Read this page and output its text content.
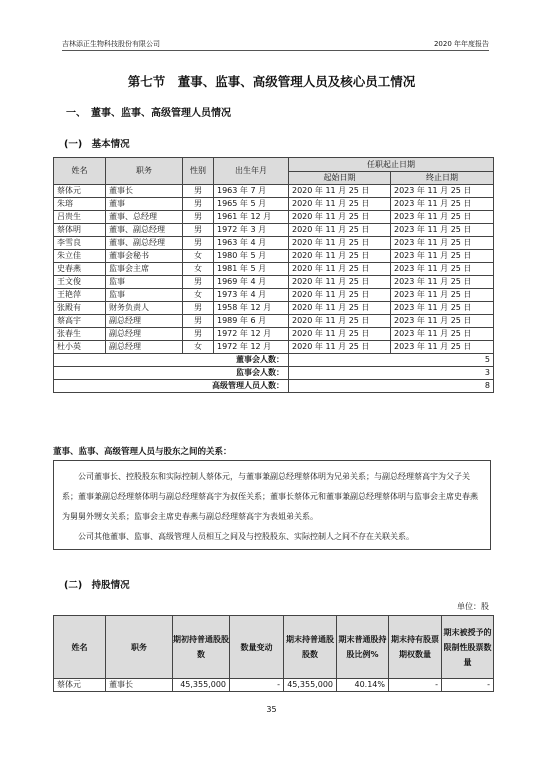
吉林添正生物科技股份有限公司	2020 年年度报告
第七节　董事、监事、高级管理人员及核心员工情况
一、　董事、监事、高级管理人员情况
(一)　基本情况
姓名	职务	性别	出生年月	任职起止日期	
				起始日期	终止日期
蔡体元	董事长	男	1963 年 7 月	2020 年 11 月 25 日	2023 年 11 月 25 日
朱瑢	董事	男	1965 年 5 月	2020 年 11 月 25 日	2023 年 11 月 25 日
吕贵生	董事、总经理	男	1961 年 12 月	2020 年 11 月 25 日	2023 年 11 月 25 日
蔡体明	董事、副总经理	男	1972 年 3 月	2020 年 11 月 25 日	2023 年 11 月 25 日
李雪良	董事、副总经理	男	1963 年 4 月	2020 年 11 月 25 日	2023 年 11 月 25 日
朱立佳	董事会秘书	女	1980 年 5 月	2020 年 11 月 25 日	2023 年 11 月 25 日
史春燕	监事会主席	女	1981 年 5 月	2020 年 11 月 25 日	2023 年 11 月 25 日
王文俊	监事	男	1969 年 4 月	2020 年 11 月 25 日	2023 年 11 月 25 日
王艳萍	监事	女	1973 年 4 月	2020 年 11 月 25 日	2023 年 11 月 25 日
张殿有	财务负责人	男	1958 年 12 月	2020 年 11 月 25 日	2023 年 11 月 25 日
蔡高宇	副总经理	男	1989 年 6 月	2020 年 11 月 25 日	2023 年 11 月 25 日
张春生	副总经理	男	1972 年 12 月	2020 年 11 月 25 日	2023 年 11 月 25 日
杜小英	副总经理	女	1972 年 12 月	2020 年 11 月 25 日	2023 年 11 月 25 日
董事会人数：				5	
监事会人数：				3	
高级管理人员人数：				8	
董事、监事、高级管理人员与股东之间的关系：

公司董事长、控股股东和实际控制人蔡体元，与董事兼副总经理蔡体明为兄弟关系；与副总经理蔡高宇为父子关系；董事兼副总经理蔡体明与副总经理蔡高宇为叔侄关系；董事长蔡体元和董事兼副总经理蔡体明与监事会主席史春燕为舅舅外甥女关系；监事会主席史春燕与副总经理蔡高宇为表姐弟关系。

公司其他董事、监事、高级管理人员相互之间及与控股股东、实际控制人之间不存在关联关系。

(二)　持股情况
单位：股
姓名	职务	期初持普通股股数	数量变动	期末持普通股股数	期末普通股持股比例%	期末持有股票期权数量	期末被授予的限制性股票数量
蔡体元	董事长	45,355,000	-	45,355,000	40.14%	-	-
35
